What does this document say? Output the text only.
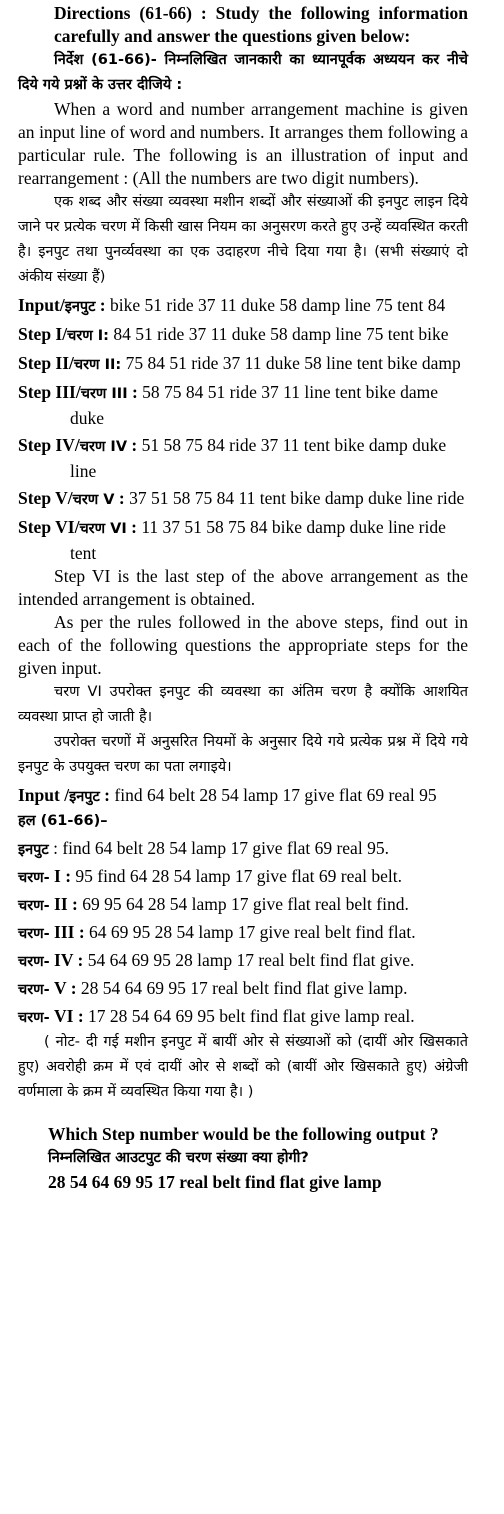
Directions (61-66) : Study the following information carefully and answer the questions given below:
निर्देश (61-66)- निम्नलिखित जानकारी का ध्यानपूर्वक अध्ययन कर नीचे दिये गये प्रश्नों के उत्तर दीजिये :
When a word and number arrangement machine is given an input line of word and numbers. It arranges them following a particular rule. The following is an illustration of input and rearrangement : (All the numbers are two digit numbers).
एक शब्द और संख्या व्यवस्था मशीन शब्दों और संख्याओं की इनपुट लाइन दिये जाने पर प्रत्येक चरण में किसी खास नियम का अनुसरण करते हुए उन्हें व्यवस्थित करती है। इनपुट तथा पुनर्व्यवस्था का एक उदाहरण नीचे दिया गया है। (सभी संख्याएं दो अंकीय संख्या हैं)
Input/इनपुट : bike 51 ride 37 11 duke 58 damp line 75 tent 84
Step I/चरण I: 84 51 ride 37 11 duke 58 damp line 75 tent bike
Step II/चरण II: 75 84 51 ride 37 11 duke 58 line tent bike damp
Step III/चरण III : 58 75 84 51 ride 37 11 line tent bike dame duke
Step IV/चरण IV : 51 58 75 84 ride 37 11 tent bike damp duke line
Step V/चरण V : 37 51 58 75 84 11 tent bike damp duke line ride
Step VI/चरण VI : 11 37 51 58 75 84 bike damp duke line ride tent
Step VI is the last step of the above arrangement as the intended arrangement is obtained.
As per the rules followed in the above steps, find out in each of the following questions the appropriate steps for the given input.
चरण VI उपरोक्त इनपुट की व्यवस्था का अंतिम चरण है क्योंकि आशयित व्यवस्था प्राप्त हो जाती है।
उपरोक्त चरणों में अनुसरित नियमों के अनुसार दिये गये प्रत्येक प्रश्न में दिये गये इनपुट के उपयुक्त चरण का पता लगाइये।
Input /इनपुट : find 64 belt 28 54 lamp 17 give flat 69 real 95
हल (61-66)–
इनपुट : find 64 belt 28 54 lamp 17 give flat 69 real 95.
चरण- I : 95 find 64 28 54 lamp 17 give flat 69 real belt.
चरण- II : 69 95 64 28 54 lamp 17 give flat real belt find.
चरण- III : 64 69 95 28 54 lamp 17 give real belt find flat.
चरण- IV : 54 64 69 95 28 lamp 17 real belt find flat give.
चरण- V : 28 54 64 69 95 17 real belt find flat give lamp.
चरण- VI : 17 28 54 64 69 95 belt find flat give lamp real.
( नोट- दी गई मशीन इनपुट में बायीं ओर से संख्याओं को (दायीं ओर खिसकाते हुए) अवरोही क्रम में एवं दायीं ओर से शब्दों को (बायीं ओर खिसकाते हुए) अंग्रेजी वर्णमाला के क्रम में व्यवस्थित किया गया है। )
Which Step number would be the following output ?
निम्नलिखित आउटपुट की चरण संख्या क्या होगी?
28 54 64 69 95 17 real belt find flat give lamp
